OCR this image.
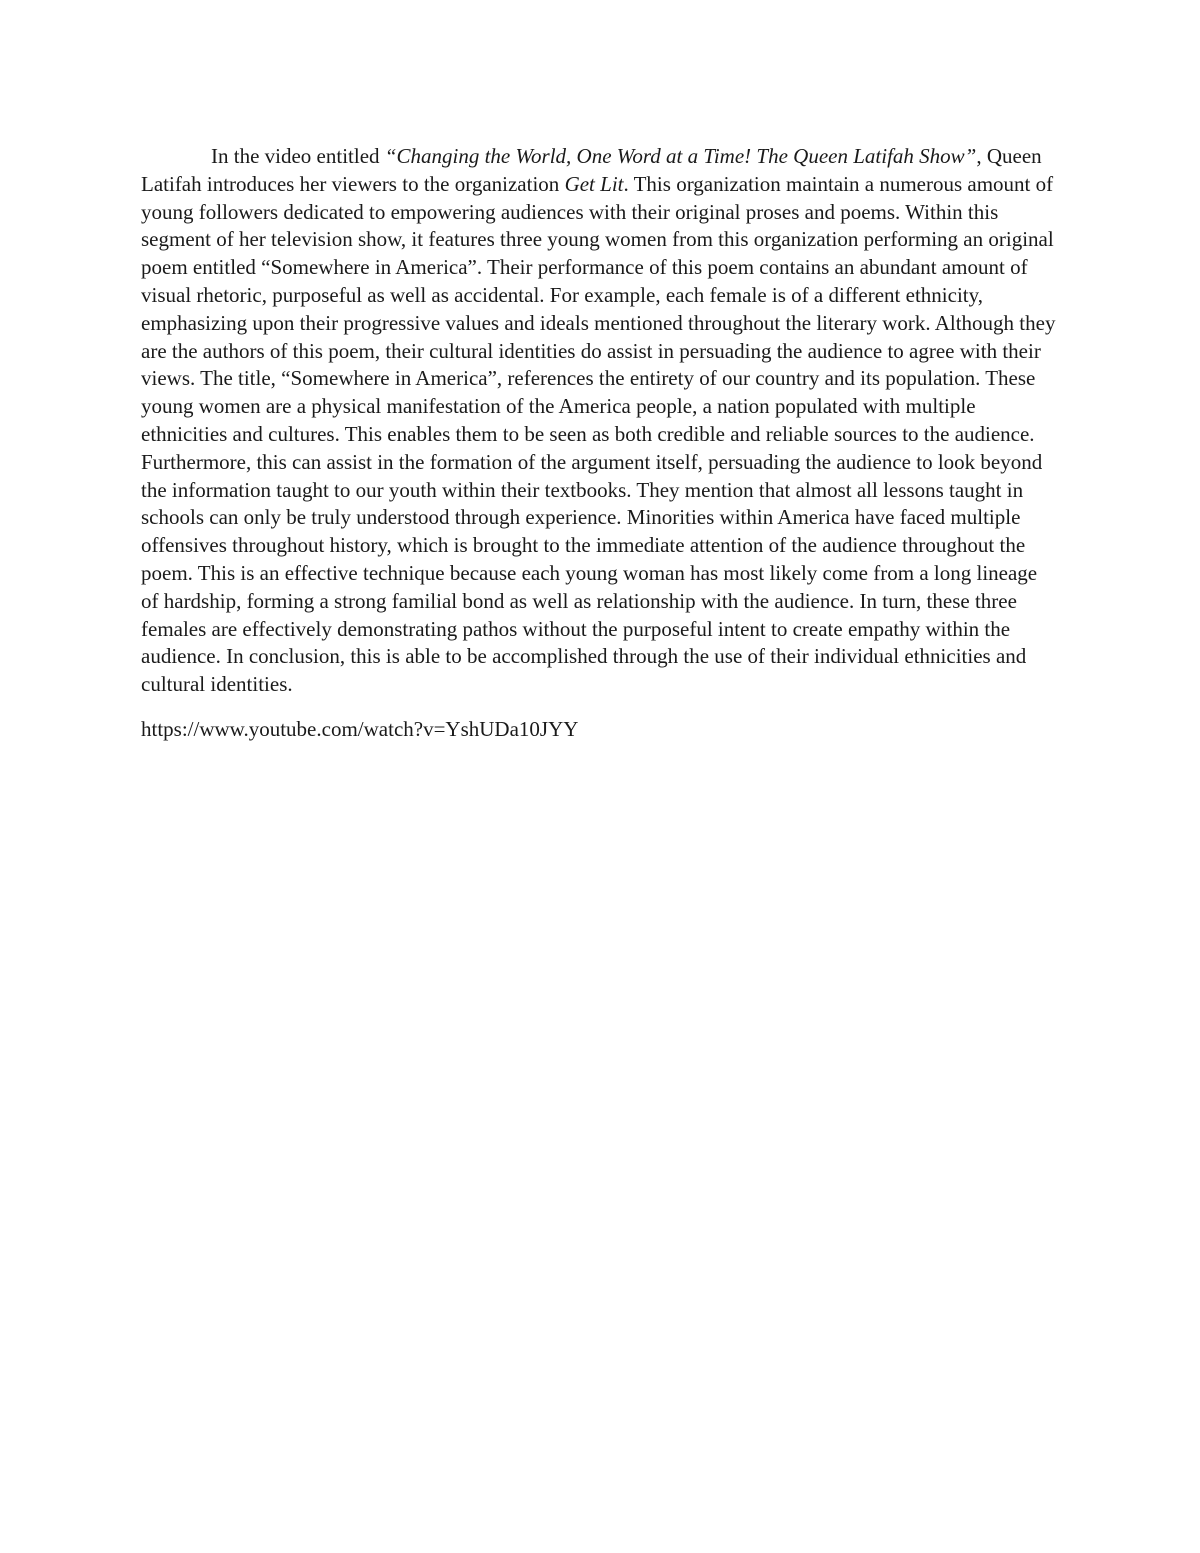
In the video entitled “Changing the World, One Word at a Time! The Queen Latifah Show”, Queen Latifah introduces her viewers to the organization Get Lit. This organization maintain a numerous amount of young followers dedicated to empowering audiences with their original proses and poems. Within this segment of her television show, it features three young women from this organization performing an original poem entitled “Somewhere in America”. Their performance of this poem contains an abundant amount of visual rhetoric, purposeful as well as accidental. For example, each female is of a different ethnicity, emphasizing upon their progressive values and ideals mentioned throughout the literary work. Although they are the authors of this poem, their cultural identities do assist in persuading the audience to agree with their views. The title, “Somewhere in America”, references the entirety of our country and its population. These young women are a physical manifestation of the America people, a nation populated with multiple ethnicities and cultures. This enables them to be seen as both credible and reliable sources to the audience. Furthermore, this can assist in the formation of the argument itself, persuading the audience to look beyond the information taught to our youth within their textbooks. They mention that almost all lessons taught in schools can only be truly understood through experience. Minorities within America have faced multiple offensives throughout history, which is brought to the immediate attention of the audience throughout the poem. This is an effective technique because each young woman has most likely come from a long lineage of hardship, forming a strong familial bond as well as relationship with the audience. In turn, these three females are effectively demonstrating pathos without the purposeful intent to create empathy within the audience. In conclusion, this is able to be accomplished through the use of their individual ethnicities and cultural identities.

https://www.youtube.com/watch?v=YshUDa10JYY
